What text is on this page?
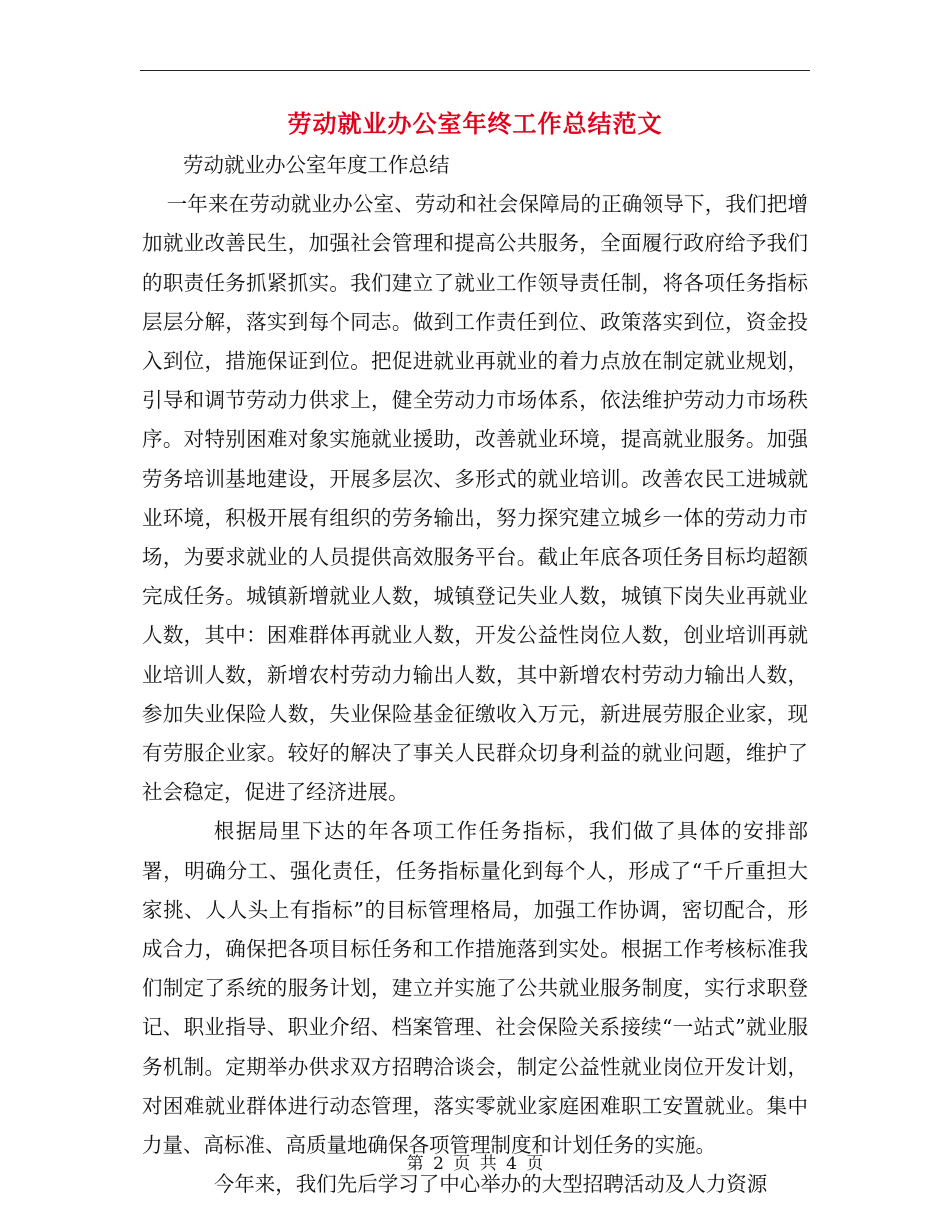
劳动就业办公室年终工作总结范文

劳动就业办公室年度工作总结

一年来在劳动就业办公室、劳动和社会保障局的正确领导下，我们把增加就业改善民生，加强社会管理和提高公共服务，全面履行政府给予我们的职责任务抓紧抓实。我们建立了就业工作领导责任制，将各项任务指标层层分解，落实到每个同志。做到工作责任到位、政策落实到位，资金投入到位，措施保证到位。把促进就业再就业的着力点放在制定就业规划，引导和调节劳动力供求上，健全劳动力市场体系，依法维护劳动力市场秩序。对特别困难对象实施就业援助，改善就业环境，提高就业服务。加强劳务培训基地建设，开展多层次、多形式的就业培训。改善农民工进城就业环境，积极开展有组织的劳务输出，努力探究建立城乡一体的劳动力市场，为要求就业的人员提供高效服务平台。截止年底各项任务目标均超额完成任务。城镇新增就业人数，城镇登记失业人数，城镇下岗失业再就业人数，其中：困难群体再就业人数，开发公益性岗位人数，创业培训再就业培训人数，新增农村劳动力输出人数，其中新增农村劳动力输出人数，参加失业保险人数，失业保险基金征缴收入万元，新进展劳服企业家，现有劳服企业家。较好的解决了事关人民群众切身利益的就业问题，维护了社会稳定，促进了经济进展。

根据局里下达的年各项工作任务指标，我们做了具体的安排部署，明确分工、强化责任，任务指标量化到每个人，形成了“千斤重担大家挑、人人头上有指标”的目标管理格局，加强工作协调，密切配合，形成合力，确保把各项目标任务和工作措施落到实处。根据工作考核标准我们制定了系统的服务计划，建立并实施了公共就业服务制度，实行求职登记、职业指导、职业介绍、档案管理、社会保险关系接续“一站式”就业服务机制。定期举办供求双方招聘洽谈会，制定公益性就业岗位开发计划，对困难就业群体进行动态管理，落实零就业家庭困难职工安置就业。集中力量、高标准、高质量地确保各项管理制度和计划任务的实施。

今年来，我们先后学习了中心举办的大型招聘活动及人力资源

第 2 页 共 4 页
